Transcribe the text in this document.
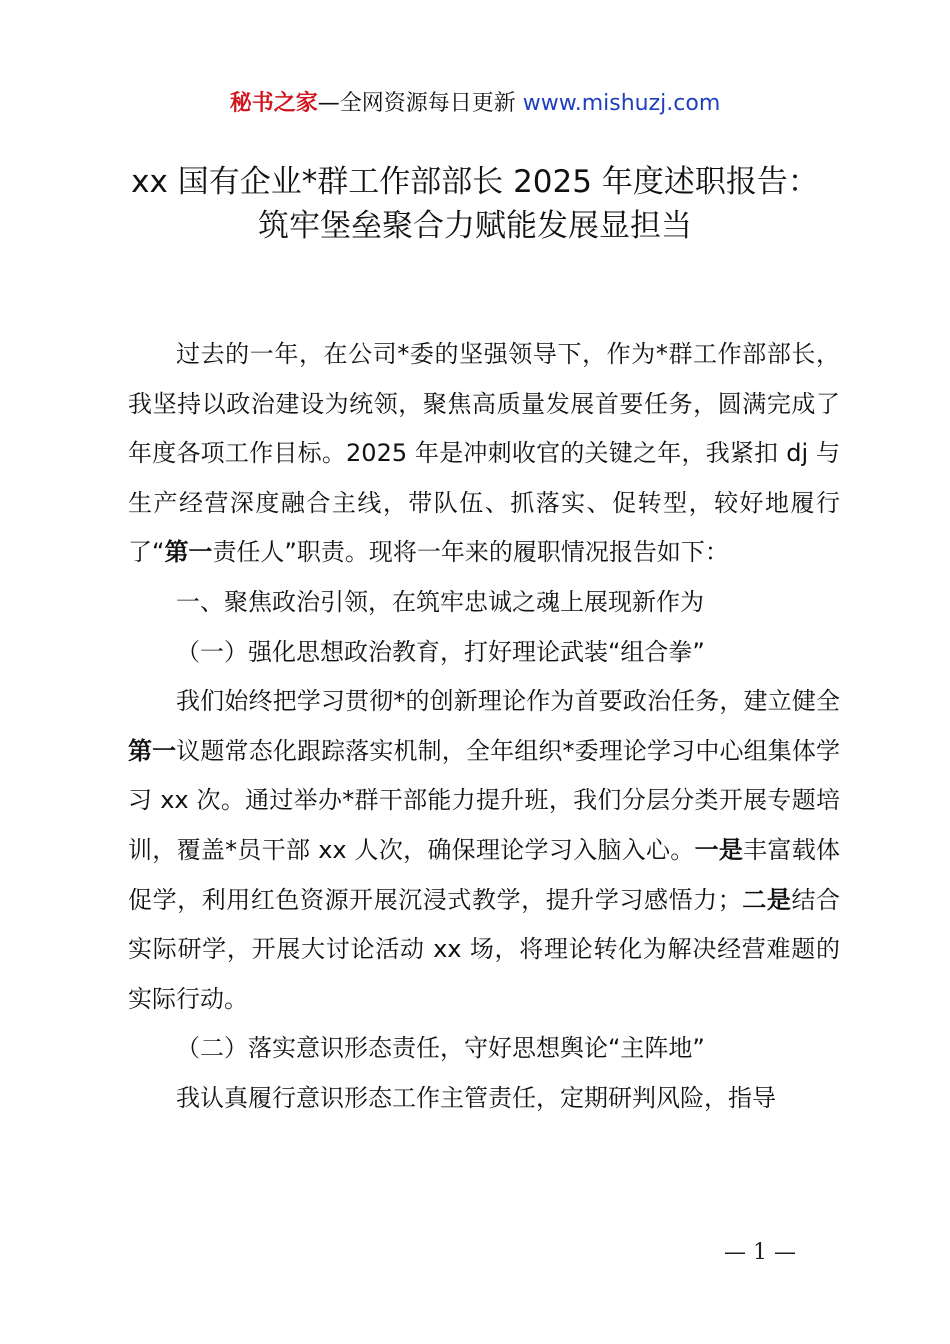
秘书之家—全网资源每日更新 www.mishuzj.com
xx 国有企业*群工作部部长 2025 年度述职报告：
筑牢堡垒聚合力赋能发展显担当

过去的一年，在公司*委的坚强领导下，作为*群工作部部长，我坚持以政治建设为统领，聚焦高质量发展首要任务，圆满完成了年度各项工作目标。2025 年是冲刺收官的关键之年，我紧扣 dj 与生产经营深度融合主线，带队伍、抓落实、促转型，较好地履行了“第一责任人”职责。现将一年来的履职情况报告如下：

一、聚焦政治引领，在筑牢忠诚之魂上展现新作为

（一）强化思想政治教育，打好理论武装“组合拳”

我们始终把学习贯彻*的创新理论作为首要政治任务，建立健全第一议题常态化跟踪落实机制，全年组织*委理论学习中心组集体学习 xx 次。通过举办*群干部能力提升班，我们分层分类开展专题培训，覆盖*员干部 xx 人次，确保理论学习入脑入心。一是丰富载体促学，利用红色资源开展沉浸式教学，提升学习感悟力；二是结合实际研学，开展大讨论活动 xx 场，将理论转化为解决经营难题的实际行动。

（二）落实意识形态责任，守好思想舆论“主阵地”

我认真履行意识形态工作主管责任，定期研判风险，指导

— 1 —
